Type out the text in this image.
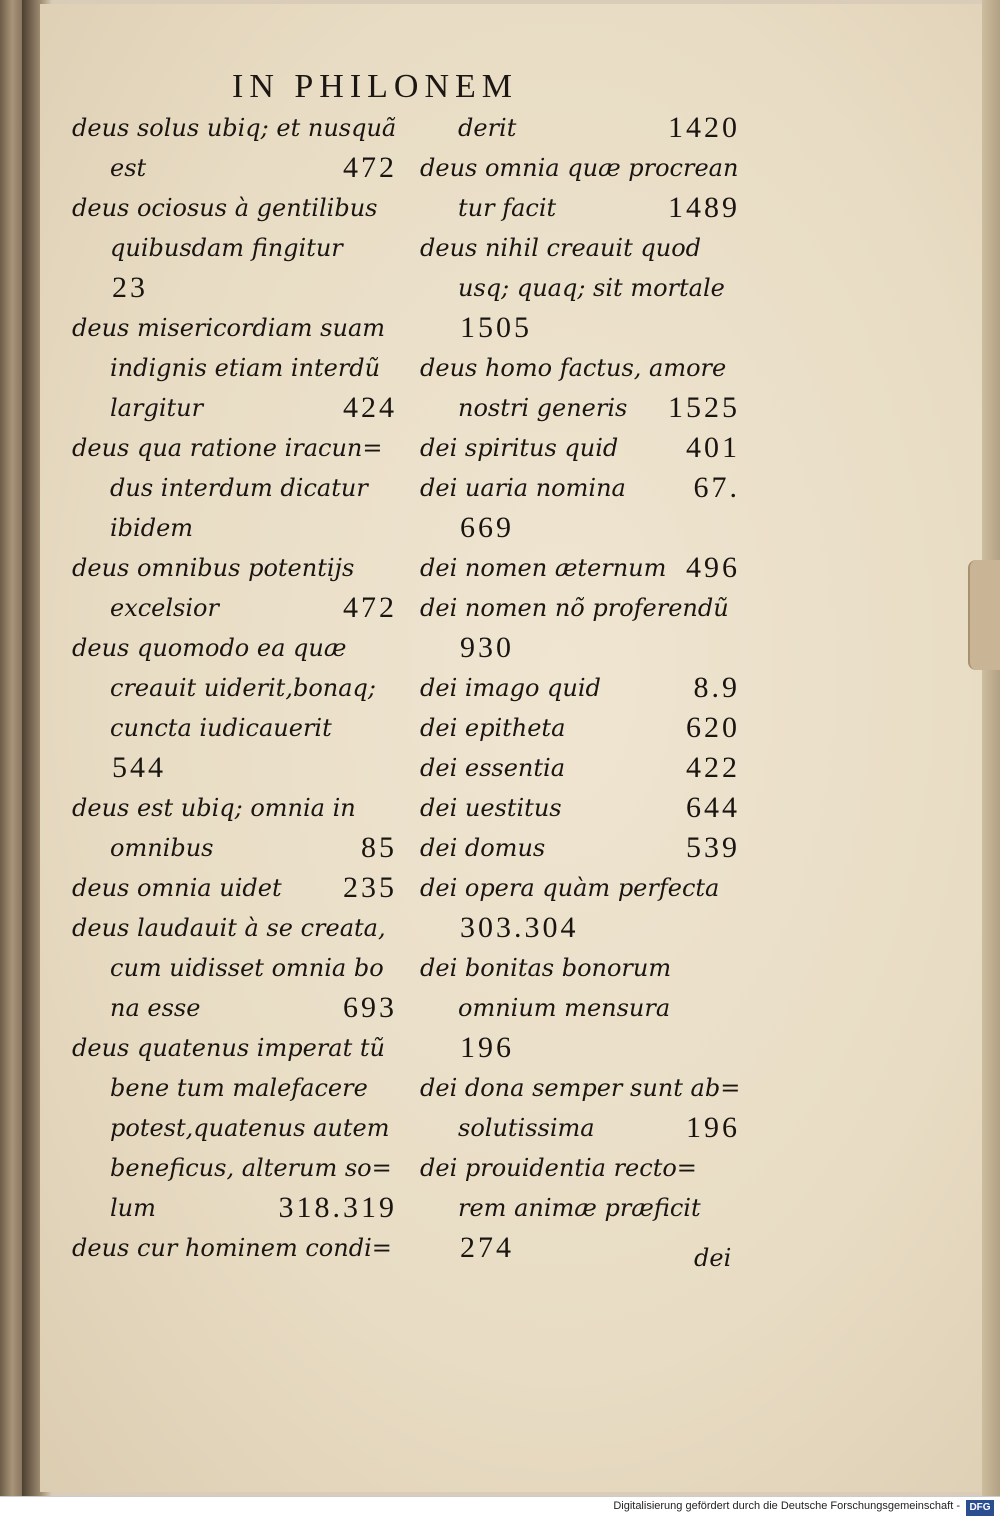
IN PHILONEM
deus solus ubiq; et nusquã
est	472
deus ociosus à gentilibus
quibusdam fingitur
23
deus misericordiam suam
indignis etiam interdũ
largitur	424
deus qua ratione iracun=
dus interdum dicatur
ibidem
deus omnibus potentijs
excelsior	472
deus quomodo ea quæ
creauit uiderit,bonaq;
cuncta iudicauerit
544
deus est ubiq; omnia in
omnibus	85
deus omnia uidet 235
deus laudauit à se creata,
cum uidisset omnia bo
na esse	693
deus quatenus imperat tũ
bene tum malefacere
potest,quatenus autem
beneficus, alterum so=
lum	318.319
deus cur hominem condi=
derit	1420
deus omnia quæ procrean
tur facit	1489
deus nihil creauit quod
usq; quaq; sit mortale
1505
deus homo factus, amore
nostri generis 1525
dei spiritus quid 401
dei uaria nomina 67.
669
dei nomen æternum 496
dei nomen nõ proferendũ
930
dei imago quid	8.9
dei epitheta	620
dei essentia	422
dei uestitus	644
dei domus	539
dei opera quàm perfecta
303.304
dei bonitas bonorum
omnium mensura
196
dei dona semper sunt ab=
solutissima	196
dei prouidentia recto=
rem animæ præficit
274	dei
Digitalisierung gefördert durch die Deutsche Forschungsgemeinschaft - DFG
